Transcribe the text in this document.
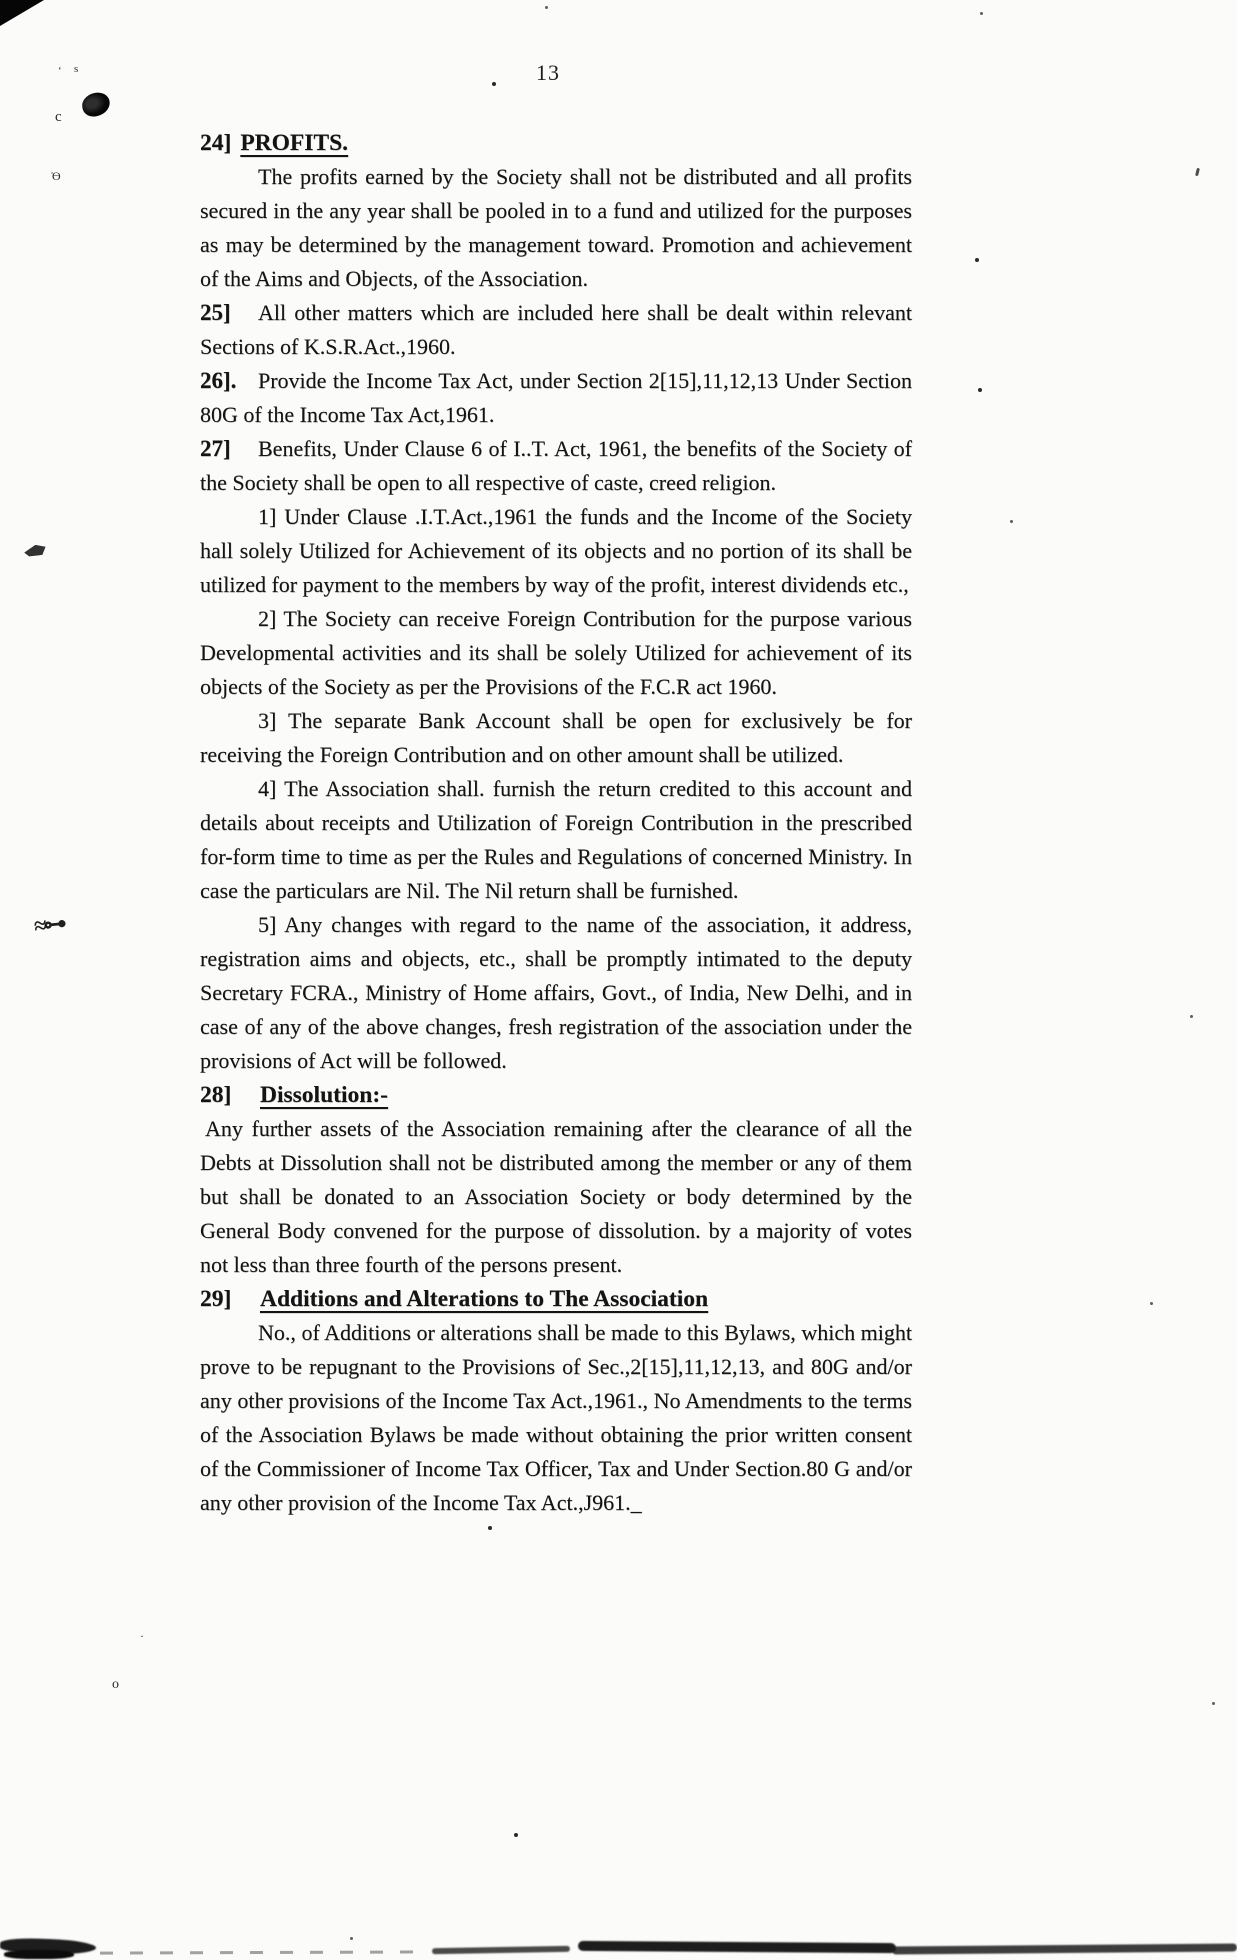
13

24] PROFITS.

The profits earned by the Society shall not be distributed and all profits secured in the any year shall be pooled in to a fund and utilized for the purposes as may be determined by the management toward. Promotion and achievement of the Aims and Objects, of the Association.

25] All other matters which are included here shall be dealt within relevant Sections of K.S.R.Act.,1960.

26]. Provide the Income Tax Act, under Section 2[15],11,12,13 Under Section 80G of the Income Tax Act,1961.

27] Benefits, Under Clause 6 of I..T. Act, 1961, the benefits of the Society of the Society shall be open to all respective of caste, creed religion.

1] Under Clause .I.T.Act.,1961 the funds and the Income of the Society hall solely Utilized for Achievement of its objects and no portion of its shall be utilized for payment to the members by way of the profit, interest dividends etc.,

2] The Society can receive Foreign Contribution for the purpose various Developmental activities and its shall be solely Utilized for achievement of its objects of the Society as per the Provisions of the F.C.R act 1960.

3] The separate Bank Account shall be open for exclusively be for receiving the Foreign Contribution and on other amount shall be utilized.

4] The Association shall. furnish the return credited to this account and details about receipts and Utilization of Foreign Contribution in the prescribed for-form time to time as per the Rules and Regulations of concerned Ministry. In case the particulars are Nil. The Nil return shall be furnished.

5] Any changes with regard to the name of the association, it address, registration aims and objects, etc., shall be promptly intimated to the deputy Secretary FCRA., Ministry of Home affairs, Govt., of India, New Delhi, and in case of any of the above changes, fresh registration of the association under the provisions of Act will be followed.

28] Dissolution:-

Any further assets of the Association remaining after the clearance of all the Debts at Dissolution shall not be distributed among the member or any of them but shall be donated to an Association Society or body determined by the General Body convened for the purpose of dissolution. by a majority of votes not less than three fourth of the persons present.

29] Additions and Alterations to The Association

No., of Additions or alterations shall be made to this Bylaws, which might prove to be repugnant to the Provisions of Sec.,2[15],11,12,13, and 80G and/or any other provisions of the Income Tax Act.,1961., No Amendments to the terms of the Association Bylaws be made without obtaining the prior written consent of the Commissioner of Income Tax Officer, Tax and Under Section.80 G and/or any other provision of the Income Tax Act.,J961._

c
‘ ѕ
̇Ө
≈⊶
o
·
